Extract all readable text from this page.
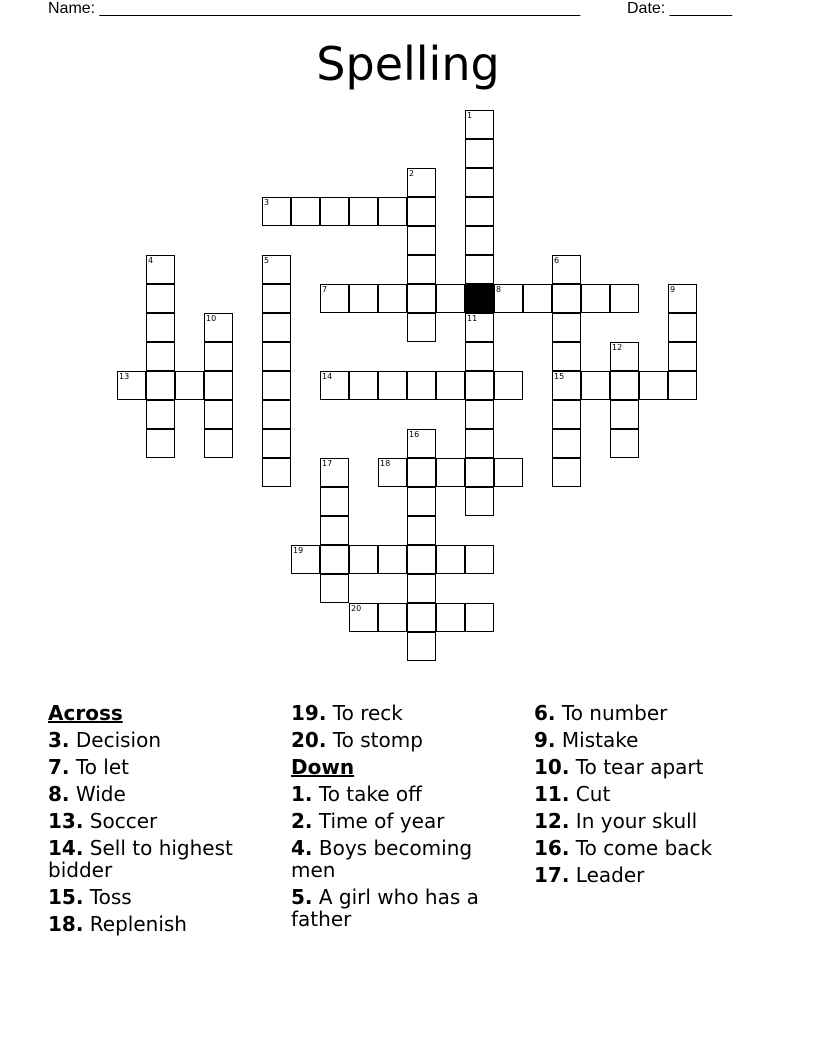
Name: ______________________________________________________	Date: _______
Spelling
1
2
3
4	5	6
7	8	9
10	11
12
13	14	15
16
17	18
19
20
Across
3. Decision
7. To let
8. Wide
13. Soccer
14. Sell to highest bidder
15. Toss
18. Replenish
19. To reck
20. To stomp
Down
1. To take off
2. Time of year
4. Boys becoming men
5. A girl who has a father
6. To number
9. Mistake
10. To tear apart
11. Cut
12. In your skull
16. To come back
17. Leader
